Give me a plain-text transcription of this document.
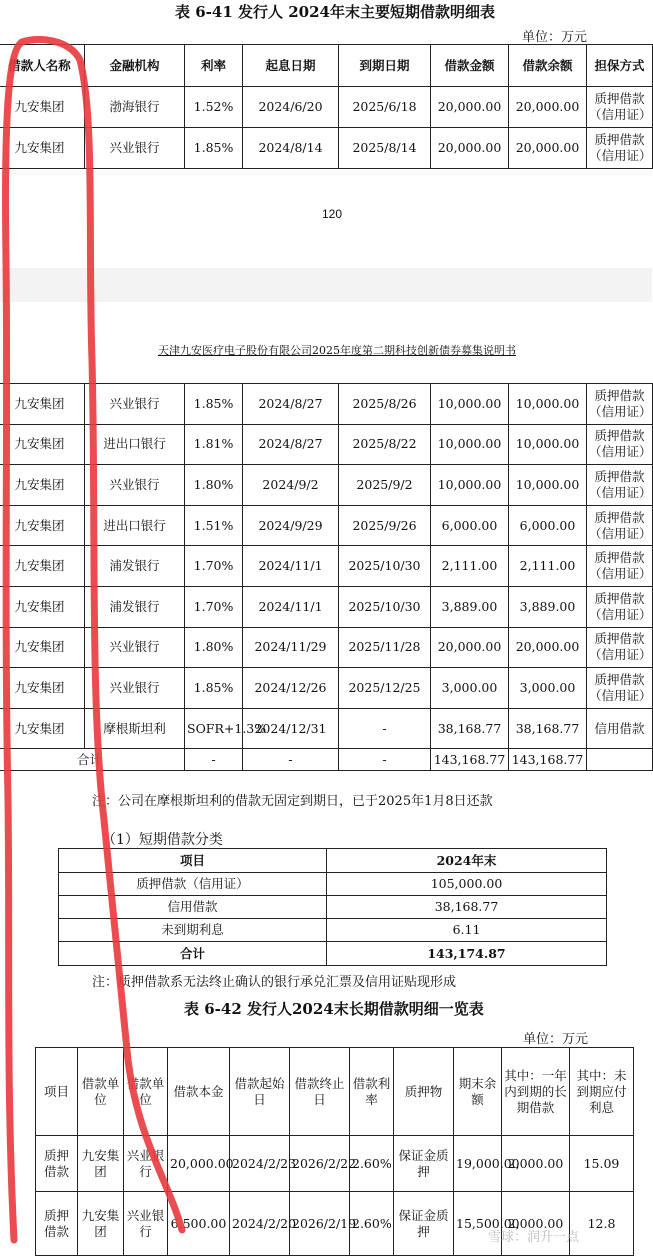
表 6-41 发行人 2024年末主要短期借款明细表
单位：万元
借款人名称	金融机构	利率	起息日期	到期日期	借款金额	借款余额	担保方式
九安集团	渤海银行	1.52%	2024/6/20	2025/6/18	20,000.00	20,000.00	质押借款（信用证）
九安集团	兴业银行	1.85%	2024/8/14	2025/8/14	20,000.00	20,000.00	质押借款（信用证）
120
天津九安医疗电子股份有限公司2025年度第二期科技创新债券募集说明书
九安集团	兴业银行	1.85%	2024/8/27	2025/8/26	10,000.00	10,000.00	质押借款（信用证）
九安集团	进出口银行	1.81%	2024/8/27	2025/8/22	10,000.00	10,000.00	质押借款（信用证）
九安集团	兴业银行	1.80%	2024/9/2	2025/9/2	10,000.00	10,000.00	质押借款（信用证）
九安集团	进出口银行	1.51%	2024/9/29	2025/9/26	6,000.00	6,000.00	质押借款（信用证）
九安集团	浦发银行	1.70%	2024/11/1	2025/10/30	2,111.00	2,111.00	质押借款（信用证）
九安集团	浦发银行	1.70%	2024/11/1	2025/10/30	3,889.00	3,889.00	质押借款（信用证）
九安集团	兴业银行	1.80%	2024/11/29	2025/11/28	20,000.00	20,000.00	质押借款（信用证）
九安集团	兴业银行	1.85%	2024/12/26	2025/12/25	3,000.00	3,000.00	质押借款（信用证）
九安集团	摩根斯坦利	SOFR+1.3%	2024/12/31	-	38,168.77	38,168.77	信用借款
合计		-	-	-	143,168.77	143,168.77	
注：公司在摩根斯坦利的借款无固定到期日，已于2025年1月8日还款
（1）短期借款分类
项目	2024年末
质押借款（信用证）	105,000.00
信用借款	38,168.77
未到期利息	6.11
合计	143,174.87
注：质押借款系无法终止确认的银行承兑汇票及信用证贴现形成
表 6-42 发行人2024末长期借款明细一览表
单位：万元
项目	借款单位	借款单位	借款本金	借款起始日	借款终止日	借款利率	质押物	期末余额	其中：一年内到期的长期借款	其中：未到期应付利息
质押借款	九安集团	兴业银行	20,000.00	2024/2/23	2026/2/22	2.60%	保证金质押	19,000.00	2,000.00	15.09
质押借款	九安集团	兴业银行	6,500.00	2024/2/20	2026/2/19	2.60%	保证金质押	15,500.00	2,000.00	12.8
雪球：润升一点
